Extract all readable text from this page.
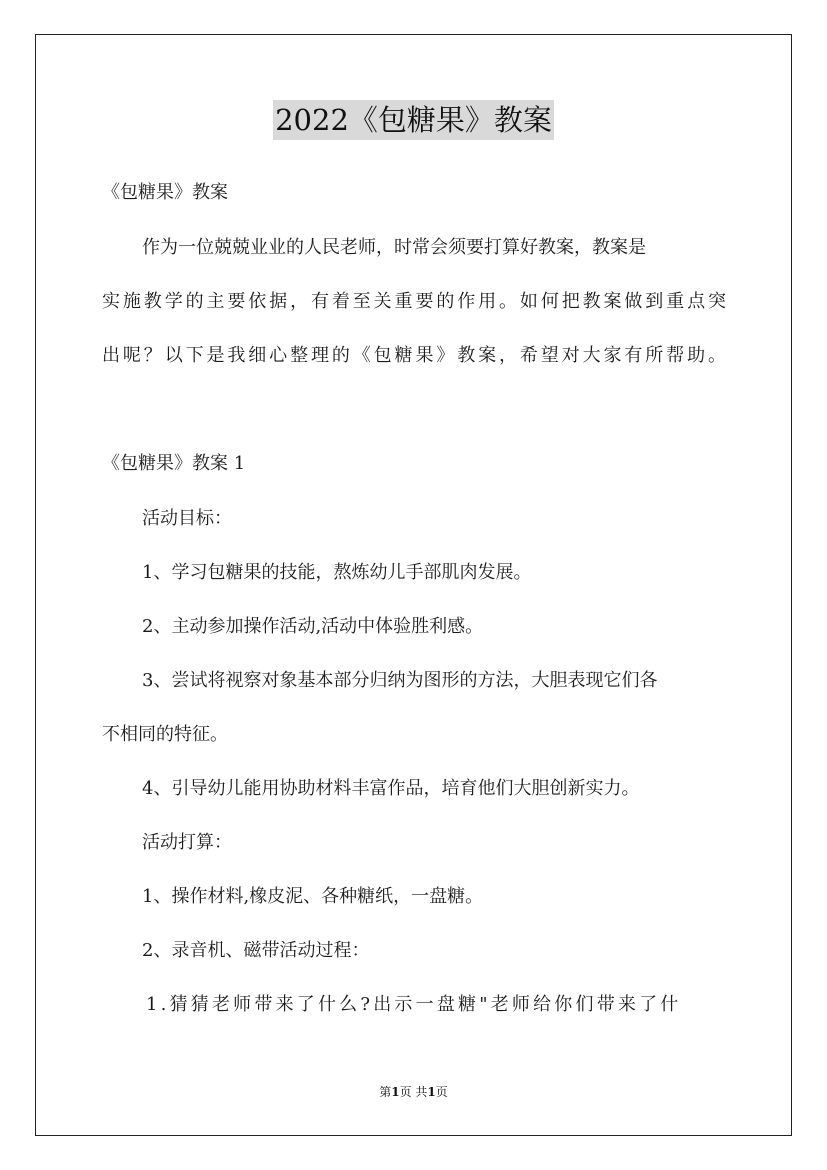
2022《包糖果》教案
《包糖果》教案
作为一位兢兢业业的人民老师，时常会须要打算好教案，教案是
实施教学的主要依据，有着至关重要的作用。如何把教案做到重点突
出呢？以下是我细心整理的《包糖果》教案，希望对大家有所帮助。
《包糖果》教案 1
活动目标：
1、学习包糖果的技能，熬炼幼儿手部肌肉发展。
2、主动参加操作活动,活动中体验胜利感。
3、尝试将视察对象基本部分归纳为图形的方法，大胆表现它们各
不相同的特征。
4、引导幼儿能用协助材料丰富作品，培育他们大胆创新实力。
活动打算：
1、操作材料,橡皮泥、各种糖纸，一盘糖。
2、录音机、磁带活动过程：
1.猜猜老师带来了什么?出示一盘糖"老师给你们带来了什
第1页 共1页
